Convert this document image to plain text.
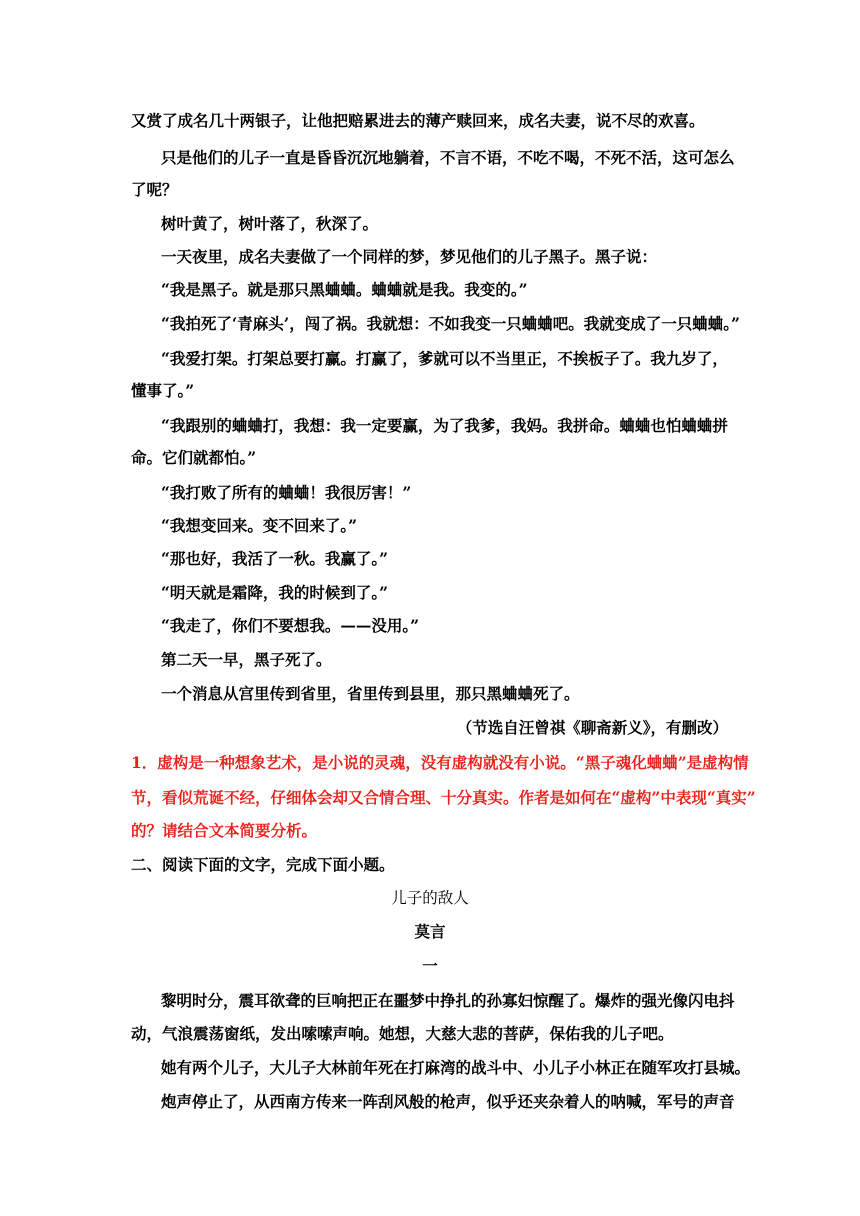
又赏了成名几十两银子，让他把赔累进去的薄产赎回来，成名夫妻，说不尽的欢喜。
只是他们的儿子一直是昏昏沉沉地躺着，不言不语，不吃不喝，不死不活，这可怎么
了呢？
树叶黄了，树叶落了，秋深了。
一天夜里，成名夫妻做了一个同样的梦，梦见他们的儿子黑子。黑子说：
“我是黑子。就是那只黑蛐蛐。蛐蛐就是我。我变的。”
“我拍死了‘青麻头’，闯了祸。我就想：不如我变一只蛐蛐吧。我就变成了一只蛐蛐。”
“我爱打架。打架总要打赢。打赢了，爹就可以不当里正，不挨板子了。我九岁了，
懂事了。”
“我跟别的蛐蛐打，我想：我一定要赢，为了我爹，我妈。我拼命。蛐蛐也怕蛐蛐拼
命。它们就都怕。”
“我打败了所有的蛐蛐！我很厉害！”
“我想变回来。变不回来了。”
“那也好，我活了一秋。我赢了。”
“明天就是霜降，我的时候到了。”
“我走了，你们不要想我。——没用。”
第二天一早，黑子死了。
一个消息从宫里传到省里，省里传到县里，那只黑蛐蛐死了。
（节选自汪曾祺《聊斋新义》，有删改）
1．虚构是一种想象艺术，是小说的灵魂，没有虚构就没有小说。“黑子魂化蛐蛐”是虚构情
节，看似荒诞不经，仔细体会却又合情合理、十分真实。作者是如何在“虚构”中表现“真实”
的？请结合文本简要分析。
二、阅读下面的文字，完成下面小题。
儿子的敌人
莫言
一
黎明时分，震耳欲聋的巨响把正在噩梦中挣扎的孙寡妇惊醒了。爆炸的强光像闪电抖
动，气浪震荡窗纸，发出嗦嗦声响。她想，大慈大悲的菩萨，保佑我的儿子吧。
她有两个儿子，大儿子大林前年死在打麻湾的战斗中、小儿子小林正在随军攻打县城。
炮声停止了，从西南方传来一阵刮风般的枪声，似乎还夹杂着人的呐喊，军号的声音
